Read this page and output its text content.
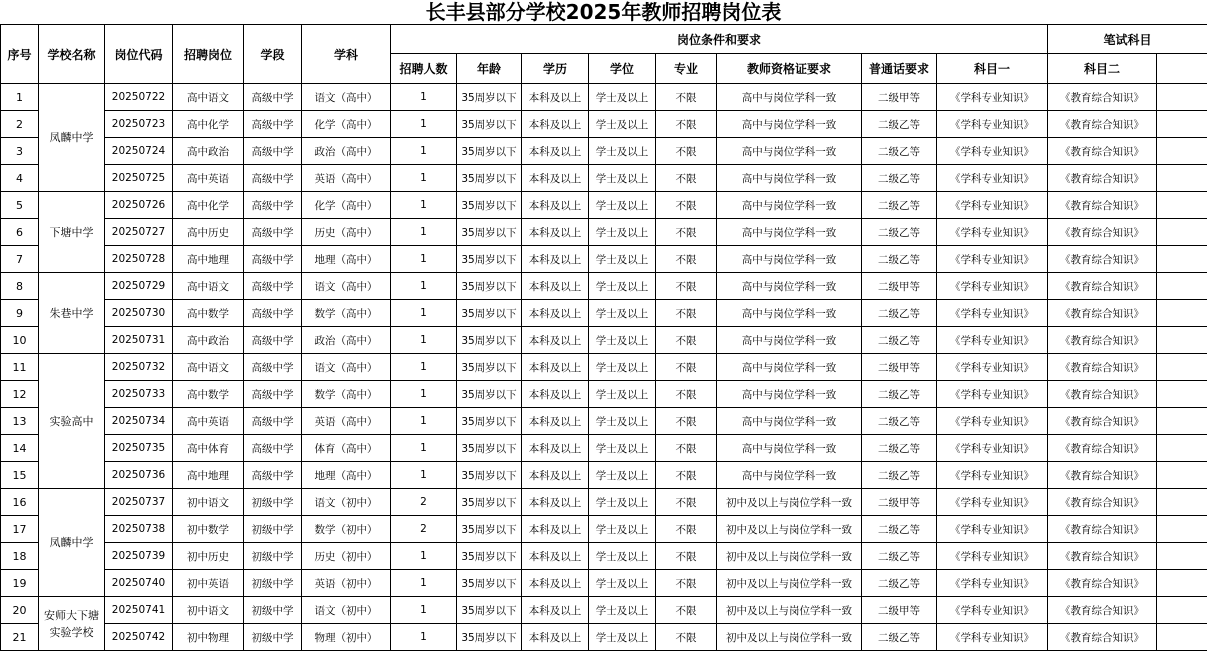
长丰县部分学校2025年教师招聘岗位表
序号	学校名称	岗位代码	招聘岗位	学段	学科	岗位条件和要求								笔试科目	
						招聘人数	年龄	学历	学位	专业	教师资格证要求	普通话要求	科目一	科目二		
1	凤麟中学	20250722	高中语文	高级中学	语文（高中）	1	35周岁以下	本科及以上	学士及以上	不限	高中与岗位学科一致	二级甲等	《学科专业知识》	《教育综合知识》		
2		20250723	高中化学	高级中学	化学（高中）	1	35周岁以下	本科及以上	学士及以上	不限	高中与岗位学科一致	二级乙等	《学科专业知识》	《教育综合知识》		
3		20250724	高中政治	高级中学	政治（高中）	1	35周岁以下	本科及以上	学士及以上	不限	高中与岗位学科一致	二级乙等	《学科专业知识》	《教育综合知识》		
4		20250725	高中英语	高级中学	英语（高中）	1	35周岁以下	本科及以上	学士及以上	不限	高中与岗位学科一致	二级乙等	《学科专业知识》	《教育综合知识》		
5	下塘中学	20250726	高中化学	高级中学	化学（高中）	1	35周岁以下	本科及以上	学士及以上	不限	高中与岗位学科一致	二级乙等	《学科专业知识》	《教育综合知识》		
6		20250727	高中历史	高级中学	历史（高中）	1	35周岁以下	本科及以上	学士及以上	不限	高中与岗位学科一致	二级乙等	《学科专业知识》	《教育综合知识》		
7		20250728	高中地理	高级中学	地理（高中）	1	35周岁以下	本科及以上	学士及以上	不限	高中与岗位学科一致	二级乙等	《学科专业知识》	《教育综合知识》		
8	朱巷中学	20250729	高中语文	高级中学	语文（高中）	1	35周岁以下	本科及以上	学士及以上	不限	高中与岗位学科一致	二级甲等	《学科专业知识》	《教育综合知识》		
9		20250730	高中数学	高级中学	数学（高中）	1	35周岁以下	本科及以上	学士及以上	不限	高中与岗位学科一致	二级乙等	《学科专业知识》	《教育综合知识》		
10		20250731	高中政治	高级中学	政治（高中）	1	35周岁以下	本科及以上	学士及以上	不限	高中与岗位学科一致	二级乙等	《学科专业知识》	《教育综合知识》		
11	实验高中	20250732	高中语文	高级中学	语文（高中）	1	35周岁以下	本科及以上	学士及以上	不限	高中与岗位学科一致	二级甲等	《学科专业知识》	《教育综合知识》		
12		20250733	高中数学	高级中学	数学（高中）	1	35周岁以下	本科及以上	学士及以上	不限	高中与岗位学科一致	二级乙等	《学科专业知识》	《教育综合知识》		
13		20250734	高中英语	高级中学	英语（高中）	1	35周岁以下	本科及以上	学士及以上	不限	高中与岗位学科一致	二级乙等	《学科专业知识》	《教育综合知识》		
14		20250735	高中体育	高级中学	体育（高中）	1	35周岁以下	本科及以上	学士及以上	不限	高中与岗位学科一致	二级乙等	《学科专业知识》	《教育综合知识》		
15		20250736	高中地理	高级中学	地理（高中）	1	35周岁以下	本科及以上	学士及以上	不限	高中与岗位学科一致	二级乙等	《学科专业知识》	《教育综合知识》		
16	凤麟中学	20250737	初中语文	初级中学	语文（初中）	2	35周岁以下	本科及以上	学士及以上	不限	初中及以上与岗位学科一致	二级甲等	《学科专业知识》	《教育综合知识》		
17		20250738	初中数学	初级中学	数学（初中）	2	35周岁以下	本科及以上	学士及以上	不限	初中及以上与岗位学科一致	二级乙等	《学科专业知识》	《教育综合知识》		
18		20250739	初中历史	初级中学	历史（初中）	1	35周岁以下	本科及以上	学士及以上	不限	初中及以上与岗位学科一致	二级乙等	《学科专业知识》	《教育综合知识》		
19		20250740	初中英语	初级中学	英语（初中）	1	35周岁以下	本科及以上	学士及以上	不限	初中及以上与岗位学科一致	二级乙等	《学科专业知识》	《教育综合知识》		
20	安师大下塘实验学校	20250741	初中语文	初级中学	语文（初中）	1	35周岁以下	本科及以上	学士及以上	不限	初中及以上与岗位学科一致	二级甲等	《学科专业知识》	《教育综合知识》		
21		20250742	初中物理	初级中学	物理（初中）	1	35周岁以下	本科及以上	学士及以上	不限	初中及以上与岗位学科一致	二级乙等	《学科专业知识》	《教育综合知识》		
